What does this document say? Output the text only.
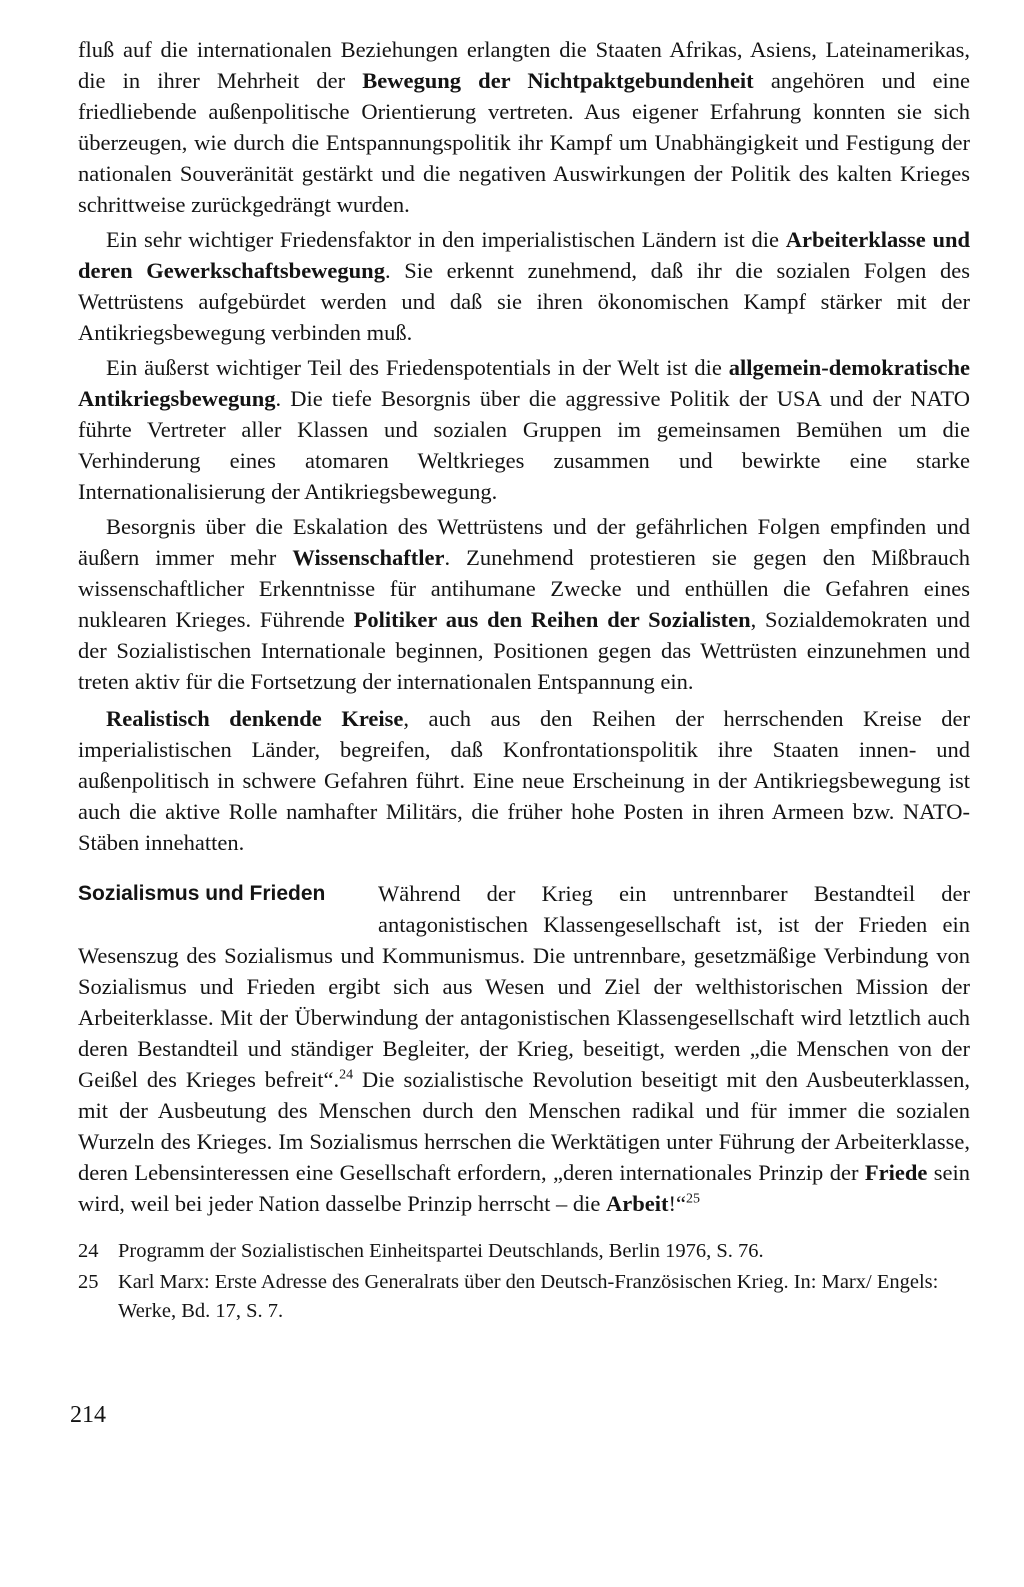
fluß auf die internationalen Beziehungen erlangten die Staaten Afrikas, Asiens, Lateinamerikas, die in ihrer Mehrheit der Bewegung der Nichtpaktgebundenheit angehören und eine friedliebende außenpolitische Orientierung vertreten. Aus eigener Erfahrung konnten sie sich überzeugen, wie durch die Entspannungspolitik ihr Kampf um Unabhängigkeit und Festigung der nationalen Souveränität gestärkt und die negativen Auswirkungen der Politik des kalten Krieges schrittweise zurückgedrängt wurden.

Ein sehr wichtiger Friedensfaktor in den imperialistischen Ländern ist die Arbeiterklasse und deren Gewerkschaftsbewegung. Sie erkennt zunehmend, daß ihr die sozialen Folgen des Wettrüstens aufgebürdet werden und daß sie ihren ökonomischen Kampf stärker mit der Antikriegsbewegung verbinden muß.

Ein äußerst wichtiger Teil des Friedenspotentials in der Welt ist die allgemein-demokratische Antikriegsbewegung. Die tiefe Besorgnis über die aggressive Politik der USA und der NATO führte Vertreter aller Klassen und sozialen Gruppen im gemeinsamen Bemühen um die Verhinderung eines atomaren Weltkrieges zusammen und bewirkte eine starke Internationalisierung der Antikriegsbewegung.

Besorgnis über die Eskalation des Wettrüstens und der gefährlichen Folgen empfinden und äußern immer mehr Wissenschaftler. Zunehmend protestieren sie gegen den Mißbrauch wissenschaftlicher Erkenntnisse für antihumane Zwecke und enthüllen die Gefahren eines nuklearen Krieges. Führende Politiker aus den Reihen der Sozialisten, Sozialdemokraten und der Sozialistischen Internationale beginnen, Positionen gegen das Wettrüsten einzunehmen und treten aktiv für die Fortsetzung der internationalen Entspannung ein.

Realistisch denkende Kreise, auch aus den Reihen der herrschenden Kreise der imperialistischen Länder, begreifen, daß Konfrontationspolitik ihre Staaten innen- und außenpolitisch in schwere Gefahren führt. Eine neue Erscheinung in der Antikriegsbewegung ist auch die aktive Rolle namhafter Militärs, die früher hohe Posten in ihren Armeen bzw. NATO-Stäben innehatten.

Sozialismus und Frieden	Während der Krieg ein untrennbarer Bestandteil der antagonistischen Klassengesellschaft ist, ist der Frieden ein Wesenszug des Sozialismus und Kommunismus. Die untrennbare, gesetzmäßige Verbindung von Sozialismus und Frieden ergibt sich aus Wesen und Ziel der welthistorischen Mission der Arbeiterklasse. Mit der Überwindung der antagonistischen Klassengesellschaft wird letztlich auch deren Bestandteil und ständiger Begleiter, der Krieg, beseitigt, werden „die Menschen von der Geißel des Krieges befreit“.$^{24}$ Die sozialistische Revolution beseitigt mit den Ausbeuterklassen, mit der Ausbeutung des Menschen durch den Menschen radikal und für immer die sozialen Wurzeln des Krieges. Im Sozialismus herrschen die Werktätigen unter Führung der Arbeiterklasse, deren Lebensinteressen eine Gesellschaft erfordern, „deren internationales Prinzip der Friede sein wird, weil bei jeder Nation dasselbe Prinzip herrscht – die Arbeit!“$^{25}$

24 Programm der Sozialistischen Einheitspartei Deutschlands, Berlin 1976, S. 76.
25 Karl Marx: Erste Adresse des Generalrats über den Deutsch-Französischen Krieg. In: Marx/ Engels: Werke, Bd. 17, S. 7.
214
